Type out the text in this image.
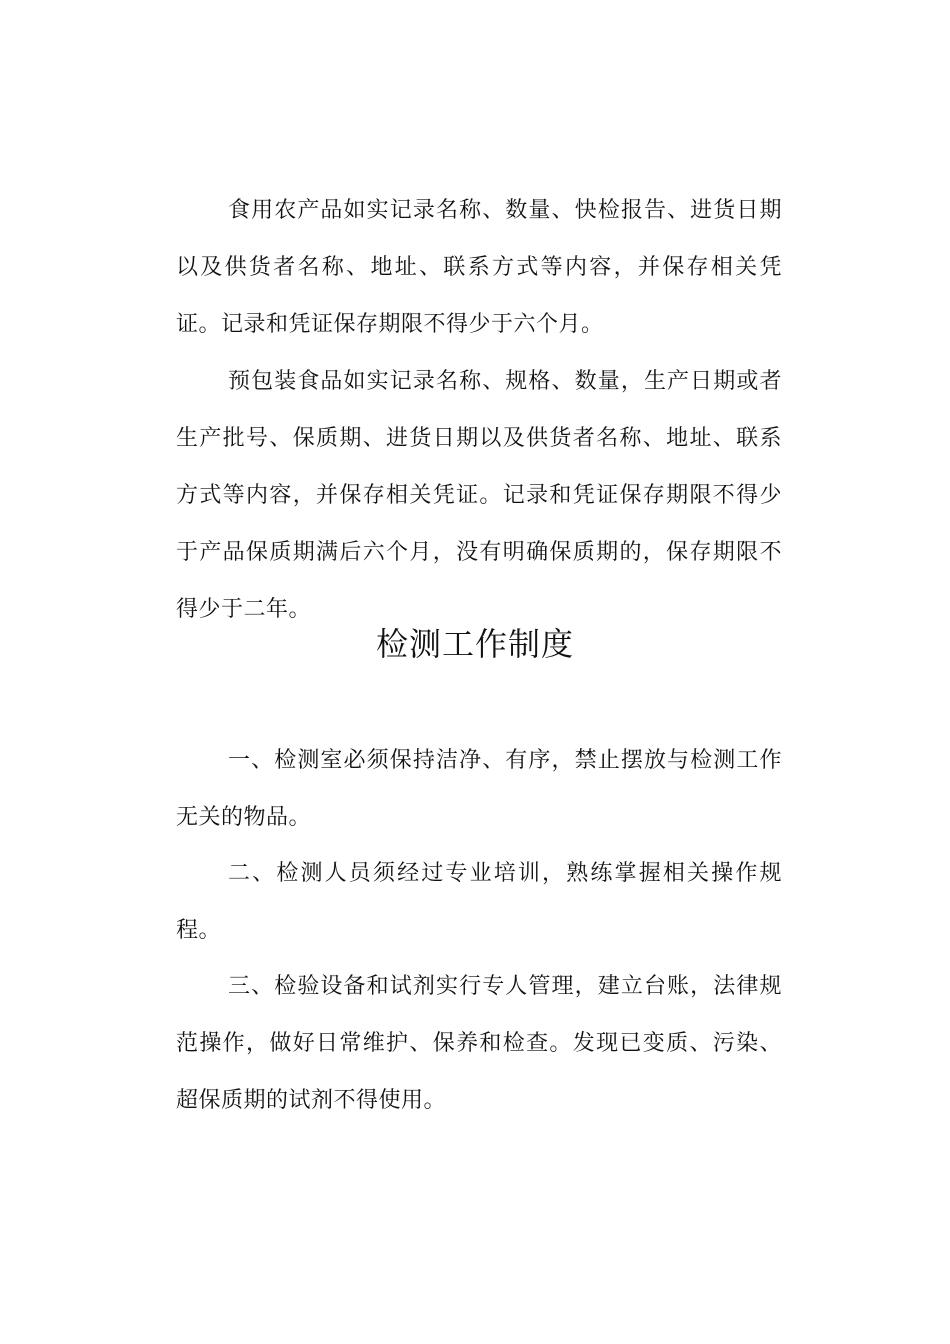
食用农产品如实记录名称、数量、快检报告、进货日期以及供货者名称、地址、联系方式等内容，并保存相关凭证。记录和凭证保存期限不得少于六个月。

预包装食品如实记录名称、规格、数量，生产日期或者生产批号、保质期、进货日期以及供货者名称、地址、联系方式等内容，并保存相关凭证。记录和凭证保存期限不得少于产品保质期满后六个月，没有明确保质期的，保存期限不得少于二年。

检测工作制度

一、检测室必须保持洁净、有序，禁止摆放与检测工作无关的物品。

二、检测人员须经过专业培训，熟练掌握相关操作规程。

三、检验设备和试剂实行专人管理，建立台账，法律规范操作，做好日常维护、保养和检查。发现已变质、污染、超保质期的试剂不得使用。
